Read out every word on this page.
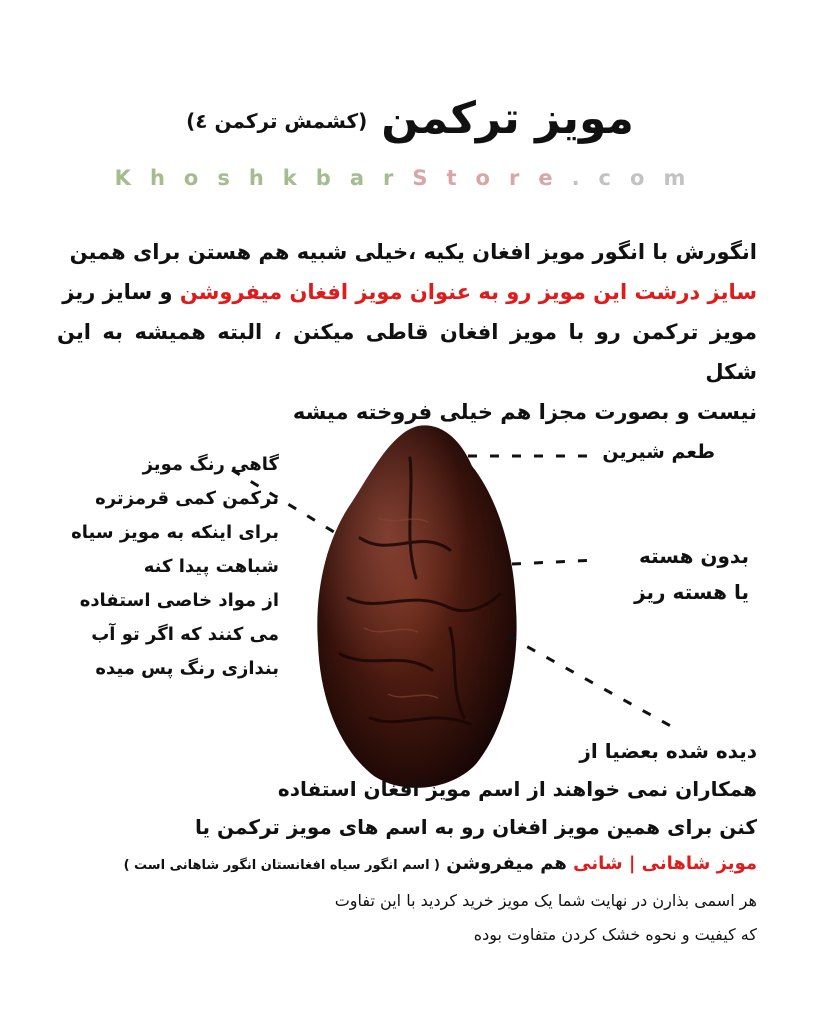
مویز ترکمن
(کشمش ترکمن ٤)
KhoshkbarStore.com
انگورش با انگور مویز افغان یکیه ،خیلی شبیه هم هستن برای همین
سایز درشت این مویز رو به عنوان مویز افغان میفروشن و سایز ریز
مویز ترکمن رو با مویز افغان قاطی میکنن ، البته همیشه به این شکل
نیست و بصورت مجزا هم خیلی فروخته میشه
طعم شیرین
بدون هسته
یا هسته ریز
گاهی رنگ مویز
ترکمن کمی قرمزتره
برای اینکه به مویز سیاه
شباهت پیدا کنه
از مواد خاصی استفاده
می کنند که اگر تو آب
بندازی رنگ پس میده
دیده شده بعضیا از
همکاران نمی خواهند از اسم مویز افغان استفاده
کنن برای همین مویز افغان رو به اسم های مویز ترکمن یا
مویز شاهانی | شانی هم میفروشن ( اسم انگور سیاه افغانستان انگور شاهانی است )
هر اسمی بذارن در نهایت شما یک مویز خرید کردید با این تفاوت
که کیفیت و نحوه خشک کردن متفاوت بوده
